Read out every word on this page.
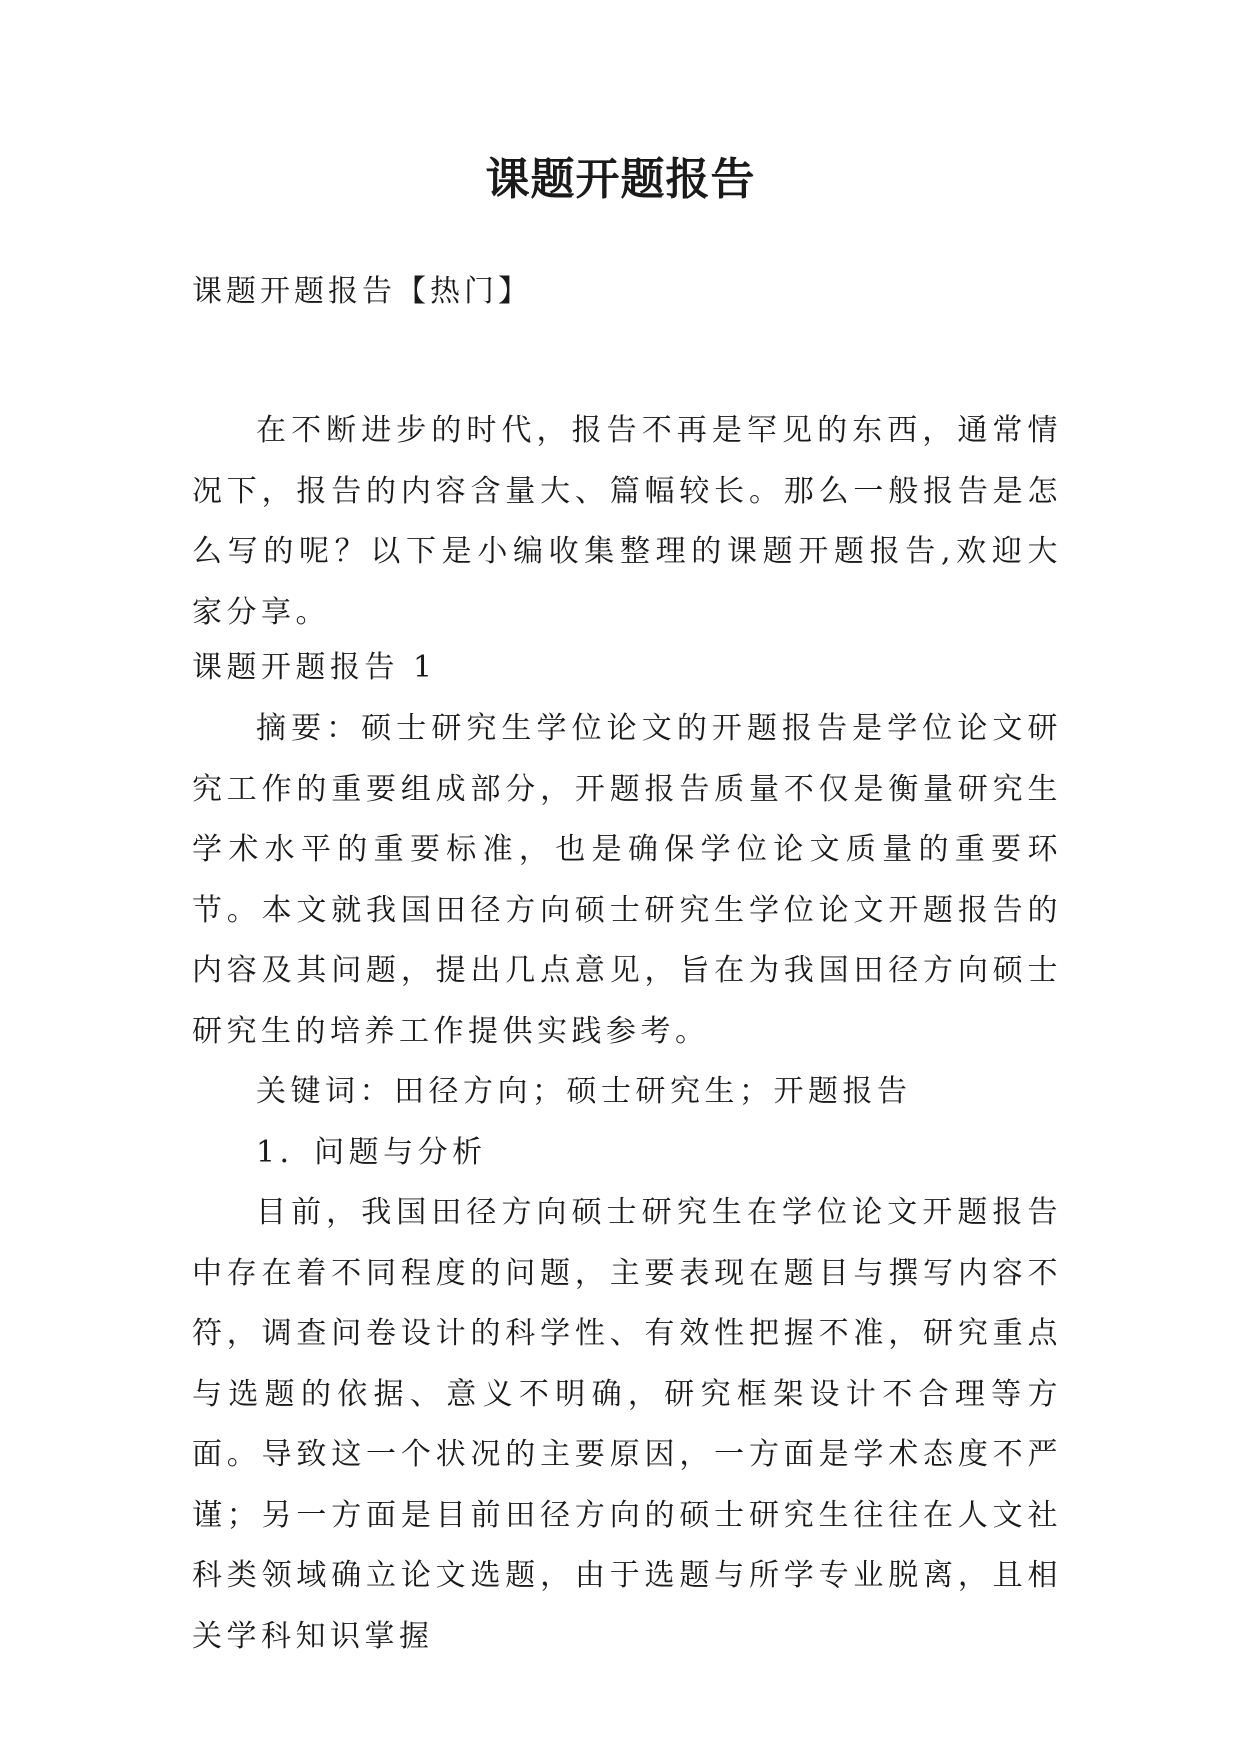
课题开题报告

课题开题报告【热门】

在不断进步的时代，报告不再是罕见的东西，通常情况下，报告的内容含量大、篇幅较长。那么一般报告是怎么写的呢？以下是小编收集整理的课题开题报告,欢迎大家分享。

课题开题报告 1

摘要：硕士研究生学位论文的开题报告是学位论文研究工作的重要组成部分，开题报告质量不仅是衡量研究生学术水平的重要标准，也是确保学位论文质量的重要环节。本文就我国田径方向硕士研究生学位论文开题报告的内容及其问题，提出几点意见，旨在为我国田径方向硕士研究生的培养工作提供实践参考。

关键词：田径方向；硕士研究生；开题报告

1．问题与分析

目前，我国田径方向硕士研究生在学位论文开题报告中存在着不同程度的问题，主要表现在题目与撰写内容不符，调查问卷设计的科学性、有效性把握不准，研究重点与选题的依据、意义不明确，研究框架设计不合理等方面。导致这一个状况的主要原因，一方面是学术态度不严谨；另一方面是目前田径方向的硕士研究生往往在人文社科类领域确立论文选题，由于选题与所学专业脱离，且相关学科知识掌握
